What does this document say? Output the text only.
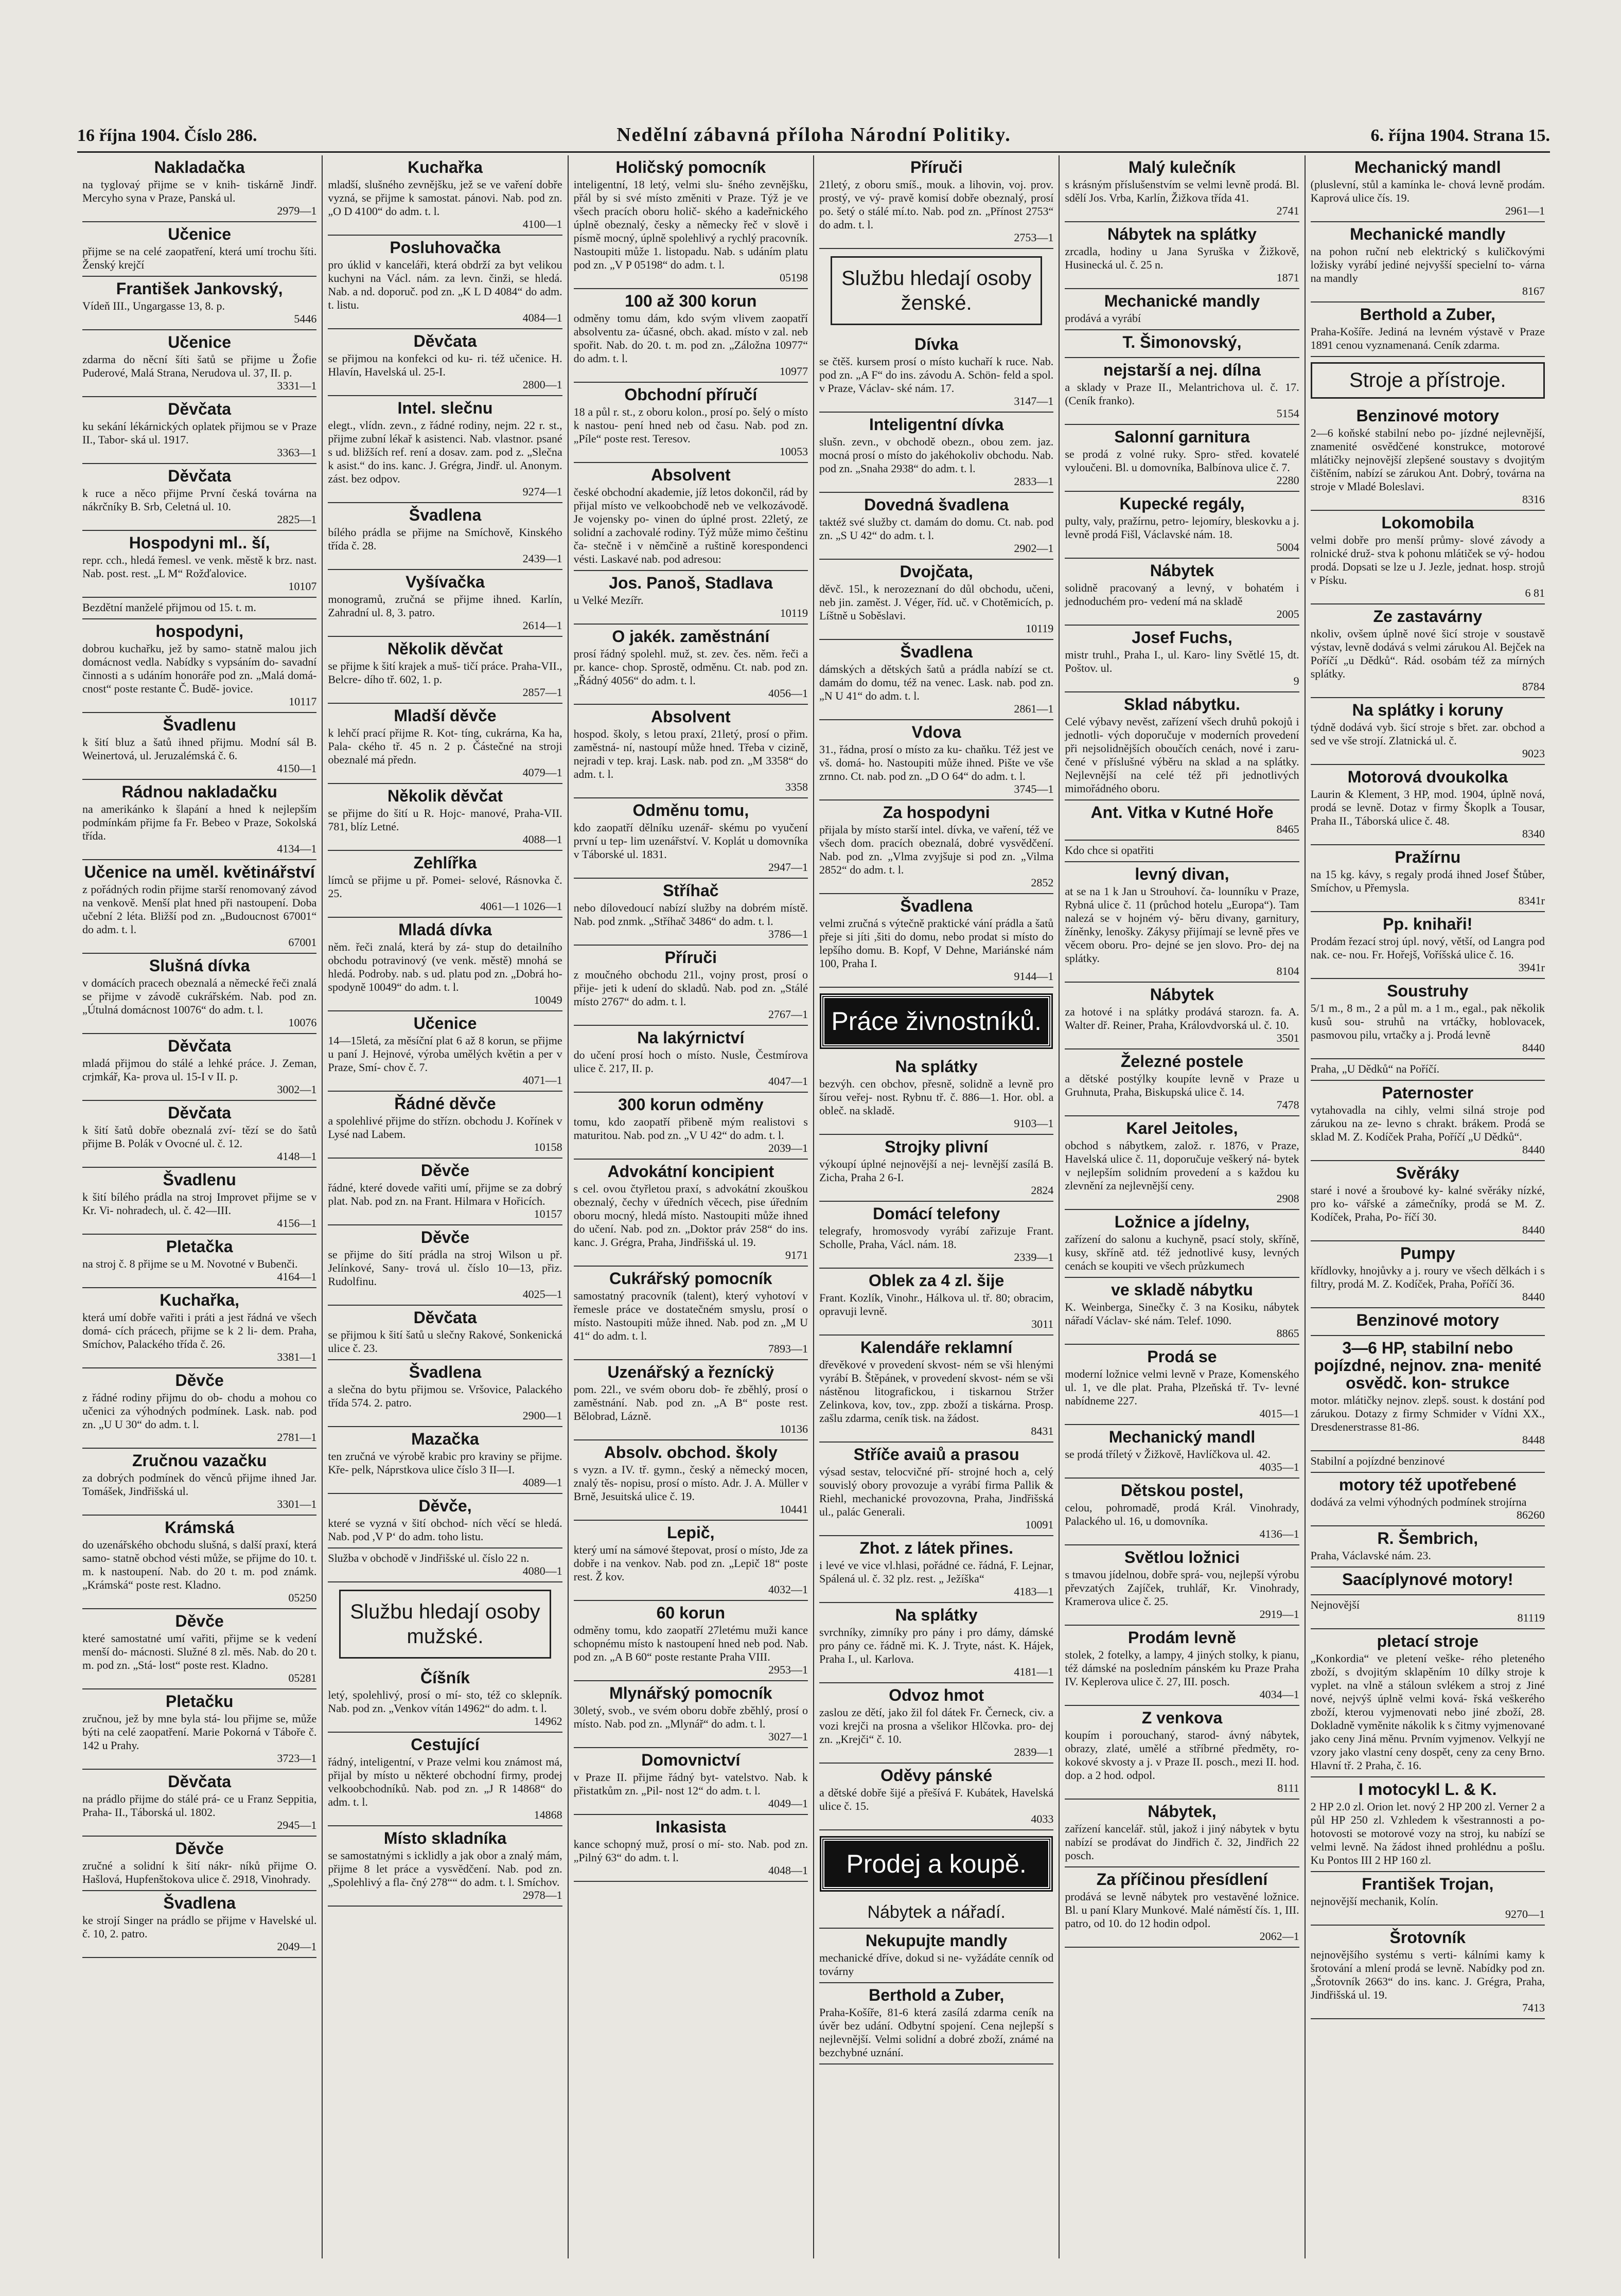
16 října 1904. Číslo 286.	Nedělní zábavná příloha Národní Politiky.	6. října 1904. Strana 15.
Nakladačka

na tyglovaý přijme se v knih- tiskárně Jindř. Mercyho syna v Praze, Panská ul.

2979—1
Učenice

přijme se na celé zaopatření, která umí trochu šíti. Ženský krejčí

František Jankovský,

Vídeň III., Ungargasse 13, 8. p.

5446
Učenice

zdarma do něcní šíti šatů se přijme u Žofie Puderové, Malá Strana, Nerudova ul. 37, II. p.

3331—1
Děvčata

ku sekání lékárnických oplatek přijmou se v Praze II., Tabor- ská ul. 1917.

3363—1
Děvčata

k ruce a něco přijme První česká továrna na nákrčníky B. Srb, Celetná ul. 10.

2825—1
Hospodyni ml.. ší,

repr. cch., hledá řemesl. ve venk. městě k brz. nast. Nab. post. rest. „L M“ Rožďalovice.

10107

Bezdětní manželé přijmou od 15. t. m.

hospodyni,

dobrou kuchařku, jež by samo- statně malou jich domácnost vedla. Nabídky s vypsáním do- savadní činnosti a s udáním honoráře pod zn. „Malá domá- cnost“ poste restante Č. Budě- jovice.

10117
Švadlenu

k šití bluz a šatů ihned přijmu. Modní sál B. Weinertová, ul. Jeruzalémská č. 6.

4150—1
Rádnou nakladačku

na amerikánko k šlapání a hned k nejlepším podmínkám přijme fa Fr. Bebeo v Praze, Sokolská třída.

4134—1
Učenice na uměl. květinářství

z pořádných rodin přijme starší renomovaný závod na venkově. Menší plat hned při nastoupení. Doba učební 2 léta. Bližší pod zn. „Budoucnost 67001“ do adm. t. l.

67001
Slušná dívka

v domácích pracech obeznalá a německé řeči znalá se přijme v závodě cukrářském. Nab. pod zn. „Útulná domácnost 10076“ do adm. t. l.

10076
Děvčata

mladá přijmou do stálé a lehké práce. J. Zeman, crjmkář, Ka- prova ul. 15-I v II. p.

3002—1
Děvčata

k šití šatů dobře obeznalá zví- tězí se do šatů přijme B. Polák v Ovocné ul. č. 12.

4148—1
Švadlenu

k šití bílého prádla na stroj Improvet přijme se v Kr. Vi- nohradech, ul. č. 42—III.

4156—1
Pletačka

na stroj č. 8 přijme se u M. Novotné v Bubenči.

4164—1
Kuchařka,

která umí dobře vařiti i práti a jest řádná ve všech domá- cích prácech, přijme se k 2 li- dem. Praha, Smíchov, Palackého třída č. 26.

3381—1
Děvče

z řádné rodiny přijmu do ob- chodu a mohou co učenici za výhodných podmínek. Lask. nab. pod zn. „U U 30“ do adm. t. l.

2781—1
Zručnou vazačku

za dobrých podmínek do věnců přijme ihned Jar. Tomášek, Jindřišská ul.

3301—1
Krámská

do uzenářského obchodu slušná, s další praxí, která samo- statně obchod vésti může, se přijme do 10. t. m. k nastoupení. Nab. do 20 t. m. pod známk. „Krámská“ poste rest. Kladno.

05250
Děvče

které samostatné umí vařiti, přijme se k vedení menší do- mácnosti. Služné 8 zl. měs. Nab. do 20 t. m. pod zn. „Stá- lost“ poste rest. Kladno.

05281
Pletačku

zručnou, jež by mne byla stá- lou přijme se, může býti na celé zaopatření. Marie Pokorná v Táboře č. 142 u Prahy.

3723—1
Děvčata

na prádlo přijme do stálé prá- ce u Franz Seppitia, Praha- II., Táborská ul. 1802.

2945—1
Děvče

zručné a solidní k šití nákr- níků přijme O. Hašlová, Hupfenštokova ulice č. 2918, Vinohrady.

Švadlena

ke strojí Singer na prádlo se přijme v Havelské ul. č. 10, 2. patro.

2049—1
Kuchařka

mladší, slušného zevnějšku, jež se ve vaření dobře vyzná, se přijme k samostat. pánovi. Nab. pod zn. „O D 4100“ do adm. t. l.

4100—1
Posluhovačka

pro úklid v kanceláři, která obdrží za byt velikou kuchyni na Václ. nám. za levn. činži, se hledá. Nab. a nd. doporuč. pod zn. „K L D 4084“ do adm. t. listu.

4084—1
Děvčata

se přijmou na konfekci od ku- ri. též učenice. H. Hlavín, Havelská ul. 25-I.

2800—1
Intel. slečnu

elegt., vlídn. zevn., z řádné rodiny, nejm. 22 r. st., přijme zubní lékař k asistenci. Nab. vlastnor. psané s ud. bližších ref. rení a dosav. zam. pod z. „Slečna k asist.“ do ins. kanc. J. Grégra, Jindř. ul. Anonym. zást. bez odpov.

9274—1
Švadlena

bílého prádla se přijme na Smíchově, Kinského třída č. 28.

2439—1
Vyšívačka

monogramů, zručná se přijme ihned. Karlín, Zahradní ul. 8, 3. patro.

2614—1
Několik děvčat

se přijme k šití krajek a muš- tičí práce. Praha-VII., Belcre- dího tř. 602, 1. p.

2857—1
Mladší děvče

k lehčí prací přijme R. Kot- tíng, cukrárna, Ka ha, Pala- ckého tř. 45 n. 2 p. Částečné na stroji obeznalé má předn.

4079—1
Několik děvčat

se přijme do šití u R. Hojc- manové, Praha-VII. 781, blíz Letné.

4088—1
Zehlířka

límců se přijme u př. Pomei- selové, Rásnovka č. 25.

4061—1 1026—1
Mladá dívka

něm. řeči znalá, která by zá- stup do detailního obchodu potravinový (ve venk. městě) mnohá se hledá. Podroby. nab. s ud. platu pod zn. „Dobrá ho- spodyně 10049“ do adm. t. l.

10049
Učenice

14—15letá, za měsíční plat 6 až 8 korun, se přijme u paní J. Hejnové, výroba umělých květin a per v Praze, Smí- chov č. 7.

4071—1
Řádné děvče

a spolehlivé přijme do střízn. obchodu J. Kořínek v Lysé nad Labem.

10158
Děvče

řádné, které dovede vařiti umí, přijme se za dobrý plat. Nab. pod zn. na Frant. Hilmara v Hořicích.

10157
Děvče

se přijme do šití prádla na stroj Wilson u př. Jelínkové, Sany- trová ul. číslo 10—13, přiz. Rudolfinu.

4025—1
Děvčata

se přijmou k šití šatů u slečny Rakové, Sonkenická ulice č. 23.

Švadlena

a slečna do bytu přijmou se. Vršovice, Palackého třída 574. 2. patro.

2900—1
Mazačka

ten zručná ve výrobě krabic pro kraviny se přijme. Kře- pelk, Náprstkova ulice číslo 3 II—I.

4089—1
Děvče,

které se vyzná v šití obchod- ních věcí se hledá. Nab. pod ,V P‘ do adm. toho listu.

Služba v obchodě v Jindřišské ul. číslo 22 n.

4080—1
Službu hledají osoby mužské.
Číšník

letý, spolehlivý, prosí o mí- sto, též co sklepník. Nab. pod zn. „Venkov vítán 14962“ do adm. t. l.

14962
Cestující

řádný, inteligentní, v Praze velmi kou známost má, přijal by místo u některé obchodní firmy, prodej velkoobchodníků. Nab. pod zn. „J R 14868“ do adm. t. l.

14868
Místo skladníka

se samostatnými s icklidly a jak obor a znalý mám, přijme 8 let práce a vysvědčení. Nab. pod zn. „Spolehlivý a fla- čný 278““ do adm. t. l. Smíchov.

2978—1
Holičský pomocník

inteligentní, 18 letý, velmi slu- šného zevnějšku, přál by si své místo změniti v Praze. Týž je ve všech pracích oboru holič- ského a kadeřnického úplně obeznalý, česky a německy řeč v slově i písmě mocný, úplně spolehlivý a rychlý pracovník. Nastoupiti může 1. listopadu. Nab. s udáním platu pod zn. „V P 05198“ do adm. t. l.

05198
100 až 300 korun

odměny tomu dám, kdo svým vlivem zaopatří absolventu za- účasné, obch. akad. místo v zal. neb spořit. Nab. do 20. t. m. pod zn. „Záložna 10977“ do adm. t. l.

10977
Obchodní příručí

18 a půl r. st., z oboru kolon., prosí po. šelý o místo k nastou- pení hned neb od času. Nab. pod zn. „Píle“ poste rest. Teresov.

10053
Absolvent

české obchodní akademie, jíž letos dokončil, rád by přijal místo ve velkoobchodě neb ve velkozávodě. Je vojensky po- vinen do úplné prost. 22letý, ze solidní a zachovalé rodiny. Týž může mimo češtinu ča- stečně i v němčině a ruštině korespondenci vésti. Laskavé nab. pod adresou:

Jos. Panoš, Stadlava

u Velké Mezířr.

10119
O jakék. zaměstnání

prosí řádný spolehl. muž, st. zev. čes. něm. řeči a pr. kance- chop. Sprostě, odměnu. Ct. nab. pod zn. „Řádný 4056“ do adm. t. l.

4056—1
Absolvent

hospod. školy, s letou praxí, 21letý, prosí o přim. zaměstná- ní, nastoupí může hned. Třeba v cizině, nejradi v tep. kraj. Lask. nab. pod zn. „M 3358“ do adm. t. l.

3358
Odměnu tomu,

kdo zaopatří dělníku uzenář- skému po vyučení první u tep- lim uzenářství. V. Koplát u domovníka v Táborské ul. 1831.

2947—1
Stříhač

nebo dílovedoucí nabízí služby na dobrém místě. Nab. pod znmk. „Stříhač 3486“ do adm. t. l.

3786—1
Příruči

z moučného obchodu 21l., vojny prost, prosí o přije- jeti k udení do skladů. Nab. pod zn. „Stálé místo 2767“ do adm. t. l.

2767—1
Na lakýrnictví

do učení prosí hoch o místo. Nusle, Čestmírova ulice č. 217, II. p.

4047—1
300 korun odměny

tomu, kdo zaopatří přibeně mým realistovi s maturitou. Nab. pod zn. „V U 42“ do adm. t. l.

2039—1
Advokátní koncipient

s cel. ovou čtyřletou praxí, s advokátní zkouškou obeznalý, čechy v úředních věcech, pise úředním oboru mocný, hledá místo. Nastoupiti může ihned do učení. Nab. pod zn. „Doktor práv 258“ do ins. kanc. J. Grégra, Praha, Jindřišská ul. 19.

9171
Cukrářský pomocník

samostatný pracovník (talent), který vyhotoví v řemesle práce ve dostatečném smyslu, prosí o místo. Nastoupiti může ihned. Nab. pod zn. „M U 41“ do adm. t. l.

7893—1
Uzenářský a řezníckÿ

pom. 22l., ve svém oboru dob- ře zběhlý, prosí o zaměstnání. Nab. pod zn. „A B“ poste rest. Bělobrad, Lázně.

10136
Absolv. obchod. školy

s vyzn. a IV. tř. gymn., český a německý mocen, znalý těs- nopisu, prosí o místo. Adr. J. A. Müller v Brně, Jesuitská ulice č. 19.

10441
Lepič,

který umí na sámové štepovat, prosí o místo, Jde za dobře i na venkov. Nab. pod zn. „Lepič 18“ poste rest. Ž kov.

4032—1
60 korun

odměny tomu, kdo zaopatří 27letému muži kance schopnému místo k nastoupení hned neb pod. Nab. pod zn. „A B 60“ poste restante Praha VIII.

2953—1
Mlynářský pomocník

30letý, svob., ve svém oboru dobře zběhlý, prosí o místo. Nab. pod zn. „Mlynář“ do adm. t. l.

3027—1
Domovnictví

v Praze II. přijme řádný byt- vatelstvo. Nab. k přistatkům zn. „Pil- nost 12“ do adm. t. l.

4049—1
Inkasista

kance schopný muž, prosí o mí- sto. Nab. pod zn. „Pilný 63“ do adm. t. l.

4048—1
Příruči

21letý, z oboru smíš., mouk. a lihovin, voj. prov. prostý, ve vý- pravě komisí dobře obeznalý, prosí po. šetý o stálé mí.to. Nab. pod zn. „Přínost 2753“ do adm. t. l.

2753—1
Službu hledají osoby ženské.
Dívka

se čtěš. kursem prosí o místo kuchaří k ruce. Nab. pod zn. „A F“ do ins. závodu A. Schön- feld a spol. v Praze, Václav- ské nám. 17.

3147—1
Inteligentní dívka

slušn. zevn., v obchodě obezn., obou zem. jaz. mocná prosí o místo do jakéhokoliv obchodu. Nab. pod zn. „Snaha 2938“ do adm. t. l.

2833—1
Dovedná švadlena

taktéž své služby ct. damám do domu. Ct. nab. pod zn. „S U 42“ do adm. t. l.

2902—1
Dvojčata,

děvč. 15l., k nerozeznaní do důl obchodu, učeni, neb jin. zaměst. J. Véger, říd. uč. v Chotěmicích, p. Líštně u Soběslavi.

10119
Švadlena

dámských a dětských šatů a prádla nabízí se ct. damám do domu, též na venec. Lask. nab. pod zn. „N U 41“ do adm. t. l.

2861—1
Vdova

31., řádna, prosí o místo za ku- chaňku. Též jest ve vš. domá- ho. Nastoupiti může ihned. Pište ve vše zrnno. Ct. nab. pod zn. „D O 64“ do adm. t. l.

3745—1
Za hospodyni

přijala by místo starší intel. dívka, ve vaření, též ve všech dom. pracích obeznalá, dobré vysvědčení. Nab. pod zn. „Vlma zvyjšuje si pod zn. „Vilma 2852“ do adm. t. l.

2852
Švadlena

velmi zručná s výtečně praktické vání prádla a šatů přeje si jíti ,šiti do domu, nebo prodat si místo do lepšího domu. B. Kopf, V Dehne, Mariánské nám 100, Praha I.

9144—1
Práce živnostníků.
Na splátky

bezvýh. cen obchov, přesně, solidně a levně pro šírou veřej- nost. Rybnu tř. č. 886—1. Hor. obl. a obleč. na skladě.

9103—1
Strojky plivní

výkoupí úplné nejnovější a nej- levnější zasílá B. Zicha, Praha 2 6-I.

2824
Domácí telefony

telegrafy, hromosvody vyrábí zařizuje Frant. Scholle, Praha, Václ. nám. 18.

2339—1
Oblek za 4 zl. šije

Frant. Kozlík, Vinohr., Hálkova ul. tř. 80; obracim, opravuji levně.

3011
Kalendáře reklamní

dřevěkové v provedení skvost- ném se vši hlenými vyrábí B. Štěpánek, v provedení skvost- ném se vši nástěnou litografickou, i tiskarnou Stržer Zelinkova, kov, tov., zpp. zboží a tiskárna. Prosp. zašlu zdarma, ceník tisk. na žádost.

8431
Stříče avaiů a prasou

výsad sestav, telocvičné pří- strojné hoch a, celý souvislý obory provozuje a vyrábí firma Pallik & Riehl, mechanické provozovna, Praha, Jindřišská ul., palác Generali.

10091
Zhot. z látek přines.

i levé ve vice vl.hlasi, pořádné ce. řádná, F. Lejnar, Spálená ul. č. 32 plz. rest. „ Ježíška“

4183—1
Na splátky

svrchníky, zimníky pro pány i pro dámy, dámské pro pány ce. řádně mi. K. J. Tryte, nást. K. Hájek, Praha I., ul. Karlova.

4181—1
Odvoz hmot

zaslou ze dětí, jako žil fol dátek Fr. Černeck, civ. a vozi krejči na prosna a všelikor Hlčovka. pro- dej zn. „Krejči“ č. 10.

2839—1
Oděvy pánské

a dětské dobře šijé a přešívá F. Kubátek, Havelská ulice č. 15.

4033
Prodej a koupě.
Nábytek a nářadí.
Nekupujte mandly

mechanické dříve, dokud si ne- vyžádáte cenník od továrny

Berthold a Zuber,

Praha-Košíře, 81-6 která zasílá zdarma ceník na úvěr bez udání. Odbytní spojení. Cena nejlepší s nejlevnější. Velmi solidní a dobré zboží, známé na bezchybné uznání.

Malý kulečník

s krásným příslušenstvím se velmi levně prodá. Bl. sdělí Jos. Vrba, Karlín, Žižkova třída 41.

2741
Nábytek na splátky

zrcadla, hodiny u Jana Syruška v Žižkově, Husinecká ul. č. 25 n.

1871
Mechanické mandly

prodává a vyrábí

T. Šimonovský,
nejstarší a nej. dílna

a sklady v Praze II., Melantrichova ul. č. 17. (Ceník franko).

5154
Salonní garnitura

se prodá z volné ruky. Spro- střed. kovatelé vyloučeni. Bl. u domovníka, Balbínova ulice č. 7.

2280
Kupecké regály,

pulty, valy, pražírnu, petro- lejomíry, bleskovku a j. levně prodá Fišl, Václavské nám. 18.

5004
Nábytek

solidně pracovaný a levný, v bohatém i jednoduchém pro- vedení má na skladě

2005
Josef Fuchs,

mistr truhl., Praha I., ul. Karo- liny Světlé 15, dt. Poštov. ul.

9
Sklad nábytku.

Celé výbavy nevěst, zařízení všech druhů pokojů i jednotli- vých doporučuje v moderních provedení při nejsolidnějších oboučích cenách, nové i zaru- čené v příslušné výběru na sklad a na splátky. Nejlevnější na celé též při jednotlivých mimořádného oboru.

Ant. Vitka v Kutné Hoře
8465

Kdo chce si opatřiti

levný divan,

at se na 1 k Jan u Strouhoví. ča- lounníku v Praze, Rybná ulice č. 11 (průchod hotelu „Europa“). Tam nalezá se v hojném vý- běru divany, garnitury, žíněnky, lenošky. Zákysy přijímají se levně přes ve věcem oboru. Pro- dejné se jen slovo. Pro- dej na splátky.

8104
Nábytek

za hotové i na splátky prodává starozn. fa. A. Walter dř. Reiner, Praha, Královdvorská ul. č. 10.

3501
Železné postele

a dětské postýlky koupíte levně v Praze u Gruhnuta, Praha, Biskupská ulice č. 14.

7478
Karel Jeitoles,

obchod s nábytkem, založ. r. 1876, v Praze, Havelská ulice č. 11, doporučuje veškerý ná- bytek v nejlepším solidním provedení a s každou ku zlevnění za nejlevnější ceny.

2908
Ložnice a jídelny,

zařízení do salonu a kuchyně, psací stoly, skříně, kusy, skříně atd. též jednotlivé kusy, levných cenách se koupiti ve všech průzkumech

ve skladě nábytku

K. Weinberga, Sinečky č. 3 na Kosiku, nábytek nářadí Václav- ské nám. Telef. 1090.

8865
Prodá se

moderní ložnice velmi levně v Praze, Komenského ul. 1, ve dle plat. Praha, Plzeňská tř. Tv- levné nabídneme 227.

4015—1
Mechanický mandl

se prodá tříletý v Žižkově, Havlíčkova ul. 42.

4035—1
Dětskou postel,

celou, pohromadě, prodá Král. Vinohrady, Palackého ul. 16, u domovníka.

4136—1
Světlou ložnici

s tmavou jídelnou, dobře sprá- vou, nejlepší výrobu převzatých Zajíček, truhlář, Kr. Vinohrady, Kramerova ulice č. 25.

2919—1
Prodám levně

stolek, 2 fotelky, a lampy, 4 jiných stolky, k pianu, též dámské na posledním pánském ku Praze Praha IV. Keplerova ulice č. 27, III. posch.

4034—1
Z venkova

koupím i porouchaný, starod- ávný nábytek, obrazy, zlaté, umělé a stříbrné předměty, ro- kokové skvosty a j. v Praze II. posch., mezi II. hod. dop. a 2 hod. odpol.

8111
Nábytek,

zařízení kancelář. stůl, jakož i jiný nábytek v bytu nabízí se prodávat do Jindřich č. 32, Jindřich 22 posch.

Za příčinou přesídlení

prodává se levně nábytek pro vestavěné ložnice. Bl. u paní Klary Munkové. Malé náměstí čís. 1, III. patro, od 10. do 12 hodin odpol.

2062—1
Mechanický mandl

(pluslevní, stůl a kamínka le- chová levně prodám. Kaprová ulice čís. 19.

2961—1
Mechanické mandly

na pohon ruční neb elektrický s kuličkovými ložisky vyrábí jediné nejvyšší specielní to- várna na mandly

8167
Berthold a Zuber,

Praha-Košíře. Jediná na levném výstavě v Praze 1891 cenou vyznamenaná. Ceník zdarma.

Stroje a přístroje.
Benzinové motory

2—6 koňské stabilní nebo po- jízdné nejlevnější, znamenité osvědčené konstrukce, motorové mlátičky nejnovější zlepšené soustavy s dvojitým čištěním, nabízí se zárukou Ant. Dobrý, továrna na stroje v Mladé Boleslavi.

8316
Lokomobila

velmi dobře pro menší průmy- slové závody a rolnické druž- stva k pohonu mlátiček se vý- hodou prodá. Dopsati se lze u J. Jezle, jednat. hosp. strojů v Písku.

6 81
Ze zastavárny

nkoliv, ovšem úplně nové šicí stroje v soustavě výstav, levně dodává s velmi zárukou Al. Bejček na Poříčí „u Dědků“. Rád. osobám též za mírných splátky.

8784
Na splátky i koruny

týdně dodává vyb. šicí stroje s břet. zar. obchod a sed ve vše strojí. Zlatnická ul. č.

9023
Motorová dvoukolka

Laurin & Klement, 3 HP, mod. 1904, úplně nová, prodá se levně. Dotaz v firmy Škoplk a Tousar, Praha II., Táborská ulice č. 48.

8340
Pražírnu

na 15 kg. kávy, s regaly prodá ihned Josef Štůber, Smíchov, u Přemysla.

8341r
Pp. knihaři!

Prodám řezací stroj úpl. nový, větší, od Langra pod nak. ce- nou. Fr. Hořejš, Voříšská ulice č. 16.

3941r
Soustruhy

5/1 m., 8 m., 2 a půl m. a 1 m., egal., pak několik kusů sou- struhů na vrtáčky, hoblovacek, pasmovou pilu, vrtačky a j. Prodá levně

8440

Praha, „U Dědků“ na Poříčí.

Paternoster

vytahovadla na cihly, velmi silná stroje pod zárukou na ze- levno s chrakt. brákem. Prodá se sklad M. Z. Kodíček Praha, Poříčí „U Dědků“.

8440
Svěráky

staré i nové a šroubové ky- kalné svěráky nízké, pro ko- vářské a zámečníky, prodá se M. Z. Kodíček, Praha, Po- říčí 30.

8440
Pumpy

křídlovky, hnojůvky a j. roury ve všech dělkách i s filtry, prodá M. Z. Kodíček, Praha, Poříčí 36.

8440
Benzinové motory
3—6 HP, stabilní nebo pojízdné, nejnov. zna- menité osvědč. kon- strukce

motor. mlátičky nejnov. zlepš. soust. k dostání pod zárukou. Dotazy z firmy Schmider v Vídni XX., Dresdenerstrasse 81-86.

8448

Stabilní a pojízdné benzinové

motory též upotřebené

dodává za velmi výhodných podmínek strojírna

86260
R. Šembrich,

Praha, Václavské nám. 23.

Saacíplynové motory!

Nejnovější

81119
pletací stroje

„Konkordia“ ve pletení veške- rého pleteného zboží, s dvojitým sklapěním 10 dílky stroje k vyplet. na vlně a stáloun svlékem a stroj z Jiné nové, nejvýš úplně velmi ková- řská veškerého zboží, kterou vyjmenovati nebo jiné zboží, 28. Dokladně vyměnite nákolik k s čitmy vyjmenované jako ceny Jiná měnu. Prvním vyjmenov. Velkyjí ne vzory jako vlastní ceny dospět, ceny za ceny Brno. Hlavní tř. 2 Praha, č. 16.

I motocykl L. & K.

2 HP 2.0 zl. Orion let. nový 2 HP 200 zl. Verner 2 a půl HP 250 zl. Vzhledem k všestrannosti a po- hotovosti se motorové vozy na stroj, ku nabízí se velmi levně. Na žádost ihned prohlédnu a pošlu. Ku Pontos III 2 HP 160 zl.

František Trojan,

nejnovější mechanik, Kolín.

9270—1
Šrotovník

nejnovějšího systému s verti- kálními kamy k šrotování a mlení prodá se levně. Nabídky pod zn. „Šrotovník 2663“ do ins. kanc. J. Grégra, Praha, Jindřišská ul. 19.

7413
